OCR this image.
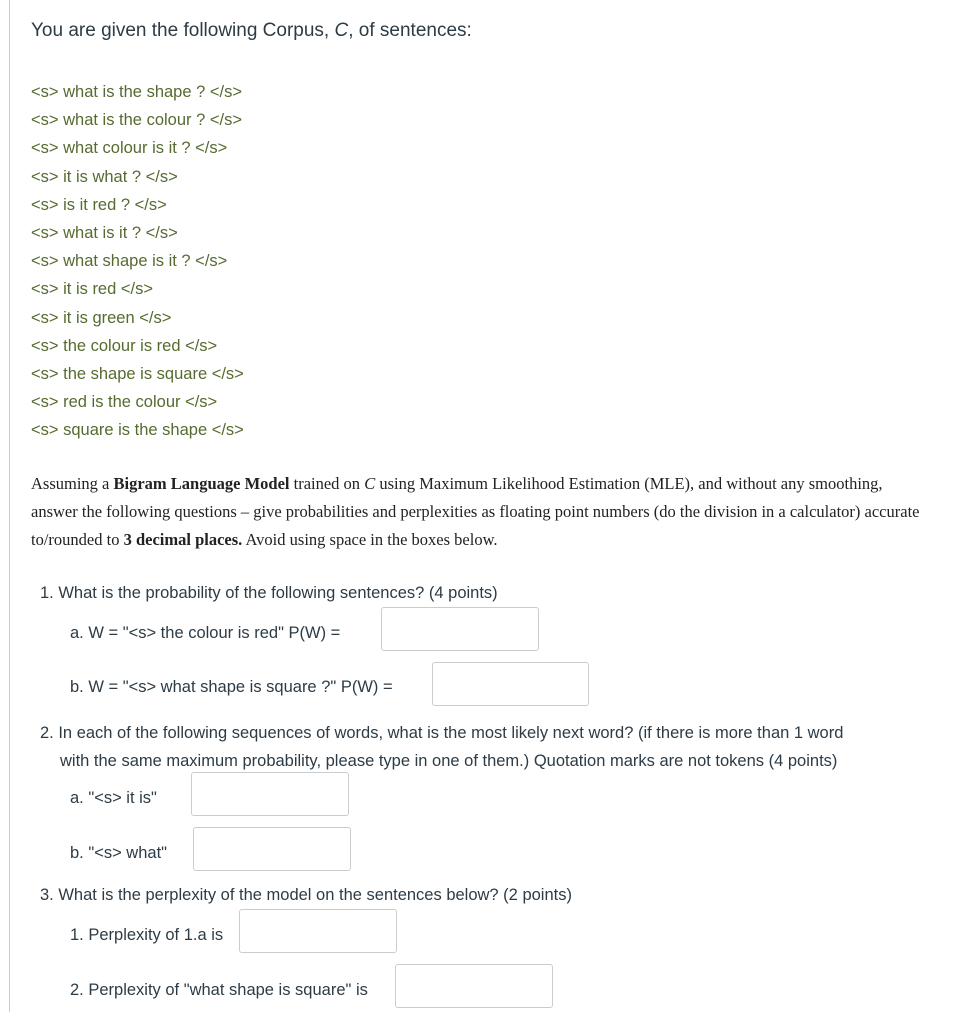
You are given the following Corpus, C, of sentences:
<s> what is the shape ? </s>
<s> what is the colour ? </s>
<s> what colour is it ? </s>
<s> it is what ? </s>
<s> is it red ? </s>
<s> what is it ? </s>
<s> what shape is it ? </s>
<s> it is red </s>
<s> it is green </s>
<s> the colour is red </s>
<s> the shape is square </s>
<s> red is the colour </s>
<s> square is the shape </s>
Assuming a Bigram Language Model trained on C using Maximum Likelihood Estimation (MLE), and without any smoothing, answer the following questions – give probabilities and perplexities as floating point numbers (do the division in a calculator) accurate to/rounded to 3 decimal places. Avoid using space in the boxes below.
1. What is the probability of the following sentences? (4 points)
a. W = "<s> the colour is red" P(W) =
b. W = "<s> what shape is square ?" P(W) =
2. In each of the following sequences of words, what is the most likely next word? (if there is more than 1 word
with the same maximum probability, please type in one of them.) Quotation marks are not tokens (4 points)
a. "<s> it is"
b. "<s> what"
3. What is the perplexity of the model on the sentences below? (2 points)
1. Perplexity of 1.a is
2. Perplexity of "what shape is square" is
